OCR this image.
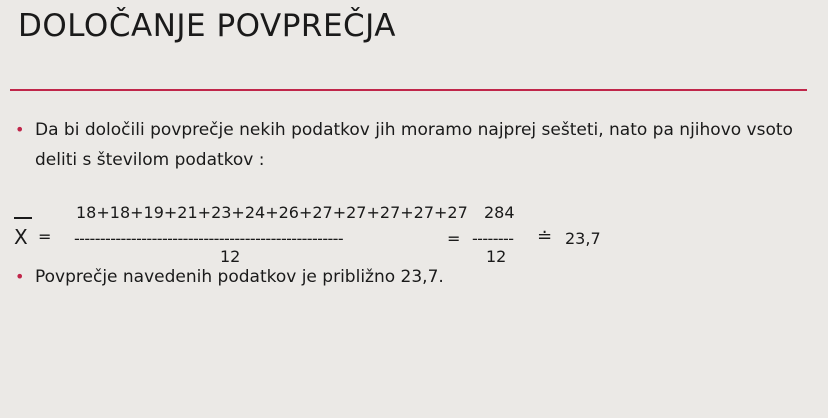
DOLOČANJE POVPREČJA
• Da bi določili povprečje nekih podatkov jih moramo najprej sešteti, nato pa njihovo vsoto deliti s številom podatkov :
X =
18+18+19+21+23+24+26+27+27+27+27+27
----------------------------------------------------
12
=
284
--------
12
≐ 23,7
• Povprečje navedenih podatkov je približno 23,7.
